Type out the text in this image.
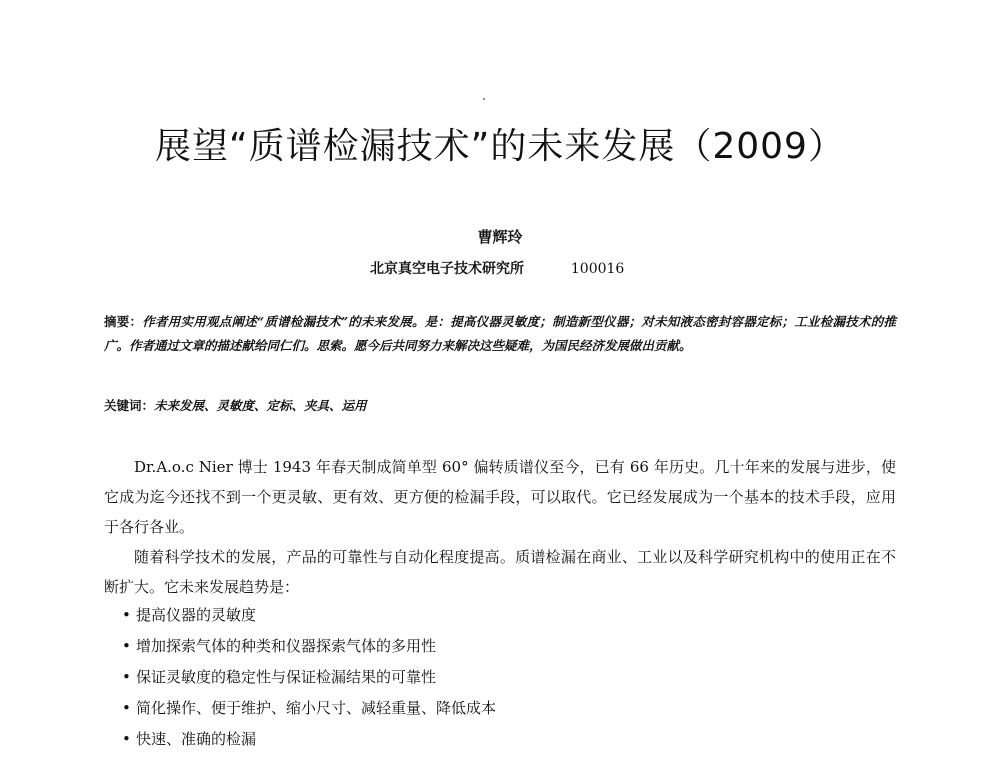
展望“质谱检漏技术”的未来发展（2009）
曹辉玲
北京真空电子技术研究所	100016
摘要：作者用实用观点阐述“质谱检漏技术”的未来发展。是：提高仪器灵敏度；制造新型仪器；对未知液态密封容器定标；工业检漏技术的推广。作者通过文章的描述献给同仁们。思索。愿今后共同努力来解决这些疑难，为国民经济发展做出贡献。
关键词：未来发展、灵敏度、定标、夹具、运用

Dr.A.o.c Nier 博士 1943 年春天制成简单型 60° 偏转质谱仪至今，已有 66 年历史。几十年来的发展与进步，使它成为迄今还找不到一个更灵敏、更有效、更方便的检漏手段，可以取代。它已经发展成为一个基本的技术手段，应用于各行各业。

随着科学技术的发展，产品的可靠性与自动化程度提高。质谱检漏在商业、工业以及科学研究机构中的使用正在不断扩大。它未来发展趋势是：

• 提高仪器的灵敏度
• 增加探索气体的种类和仪器探索气体的多用性
• 保证灵敏度的稳定性与保证检漏结果的可靠性
• 简化操作、便于维护、缩小尺寸、减轻重量、降低成本
• 快速、准确的检漏
